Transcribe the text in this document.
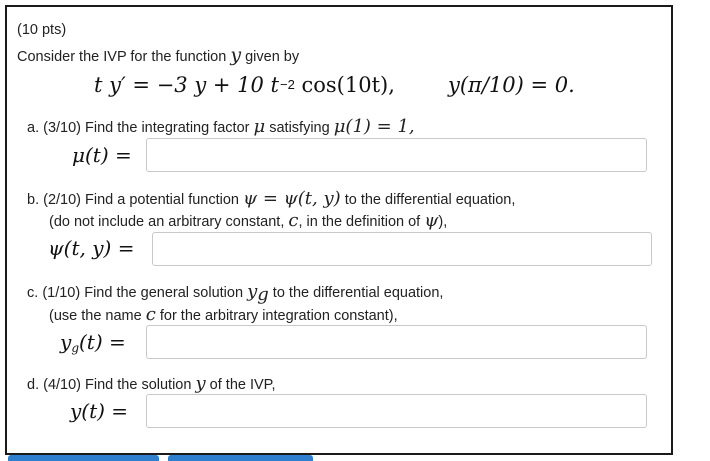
(10 pts)
Consider the IVP for the function y given by
t y′ = −3 y + 10 $t^{-2}$ cos(10t),	y(π/10) = 0.
a. (3/10) Find the integrating factor μ satisfying μ(1) = 1,
μ(t) =
b. (2/10) Find a potential function ψ = ψ(t, y) to the differential equation,
(do not include an arbitrary constant, c, in the definition of ψ),
ψ(t, y) =
c. (1/10) Find the general solution $y_g$ to the differential equation,
(use the name c for the arbitrary integration constant),
$y_g(t)$ =
d. (4/10) Find the solution y of the IVP,
y(t) =
